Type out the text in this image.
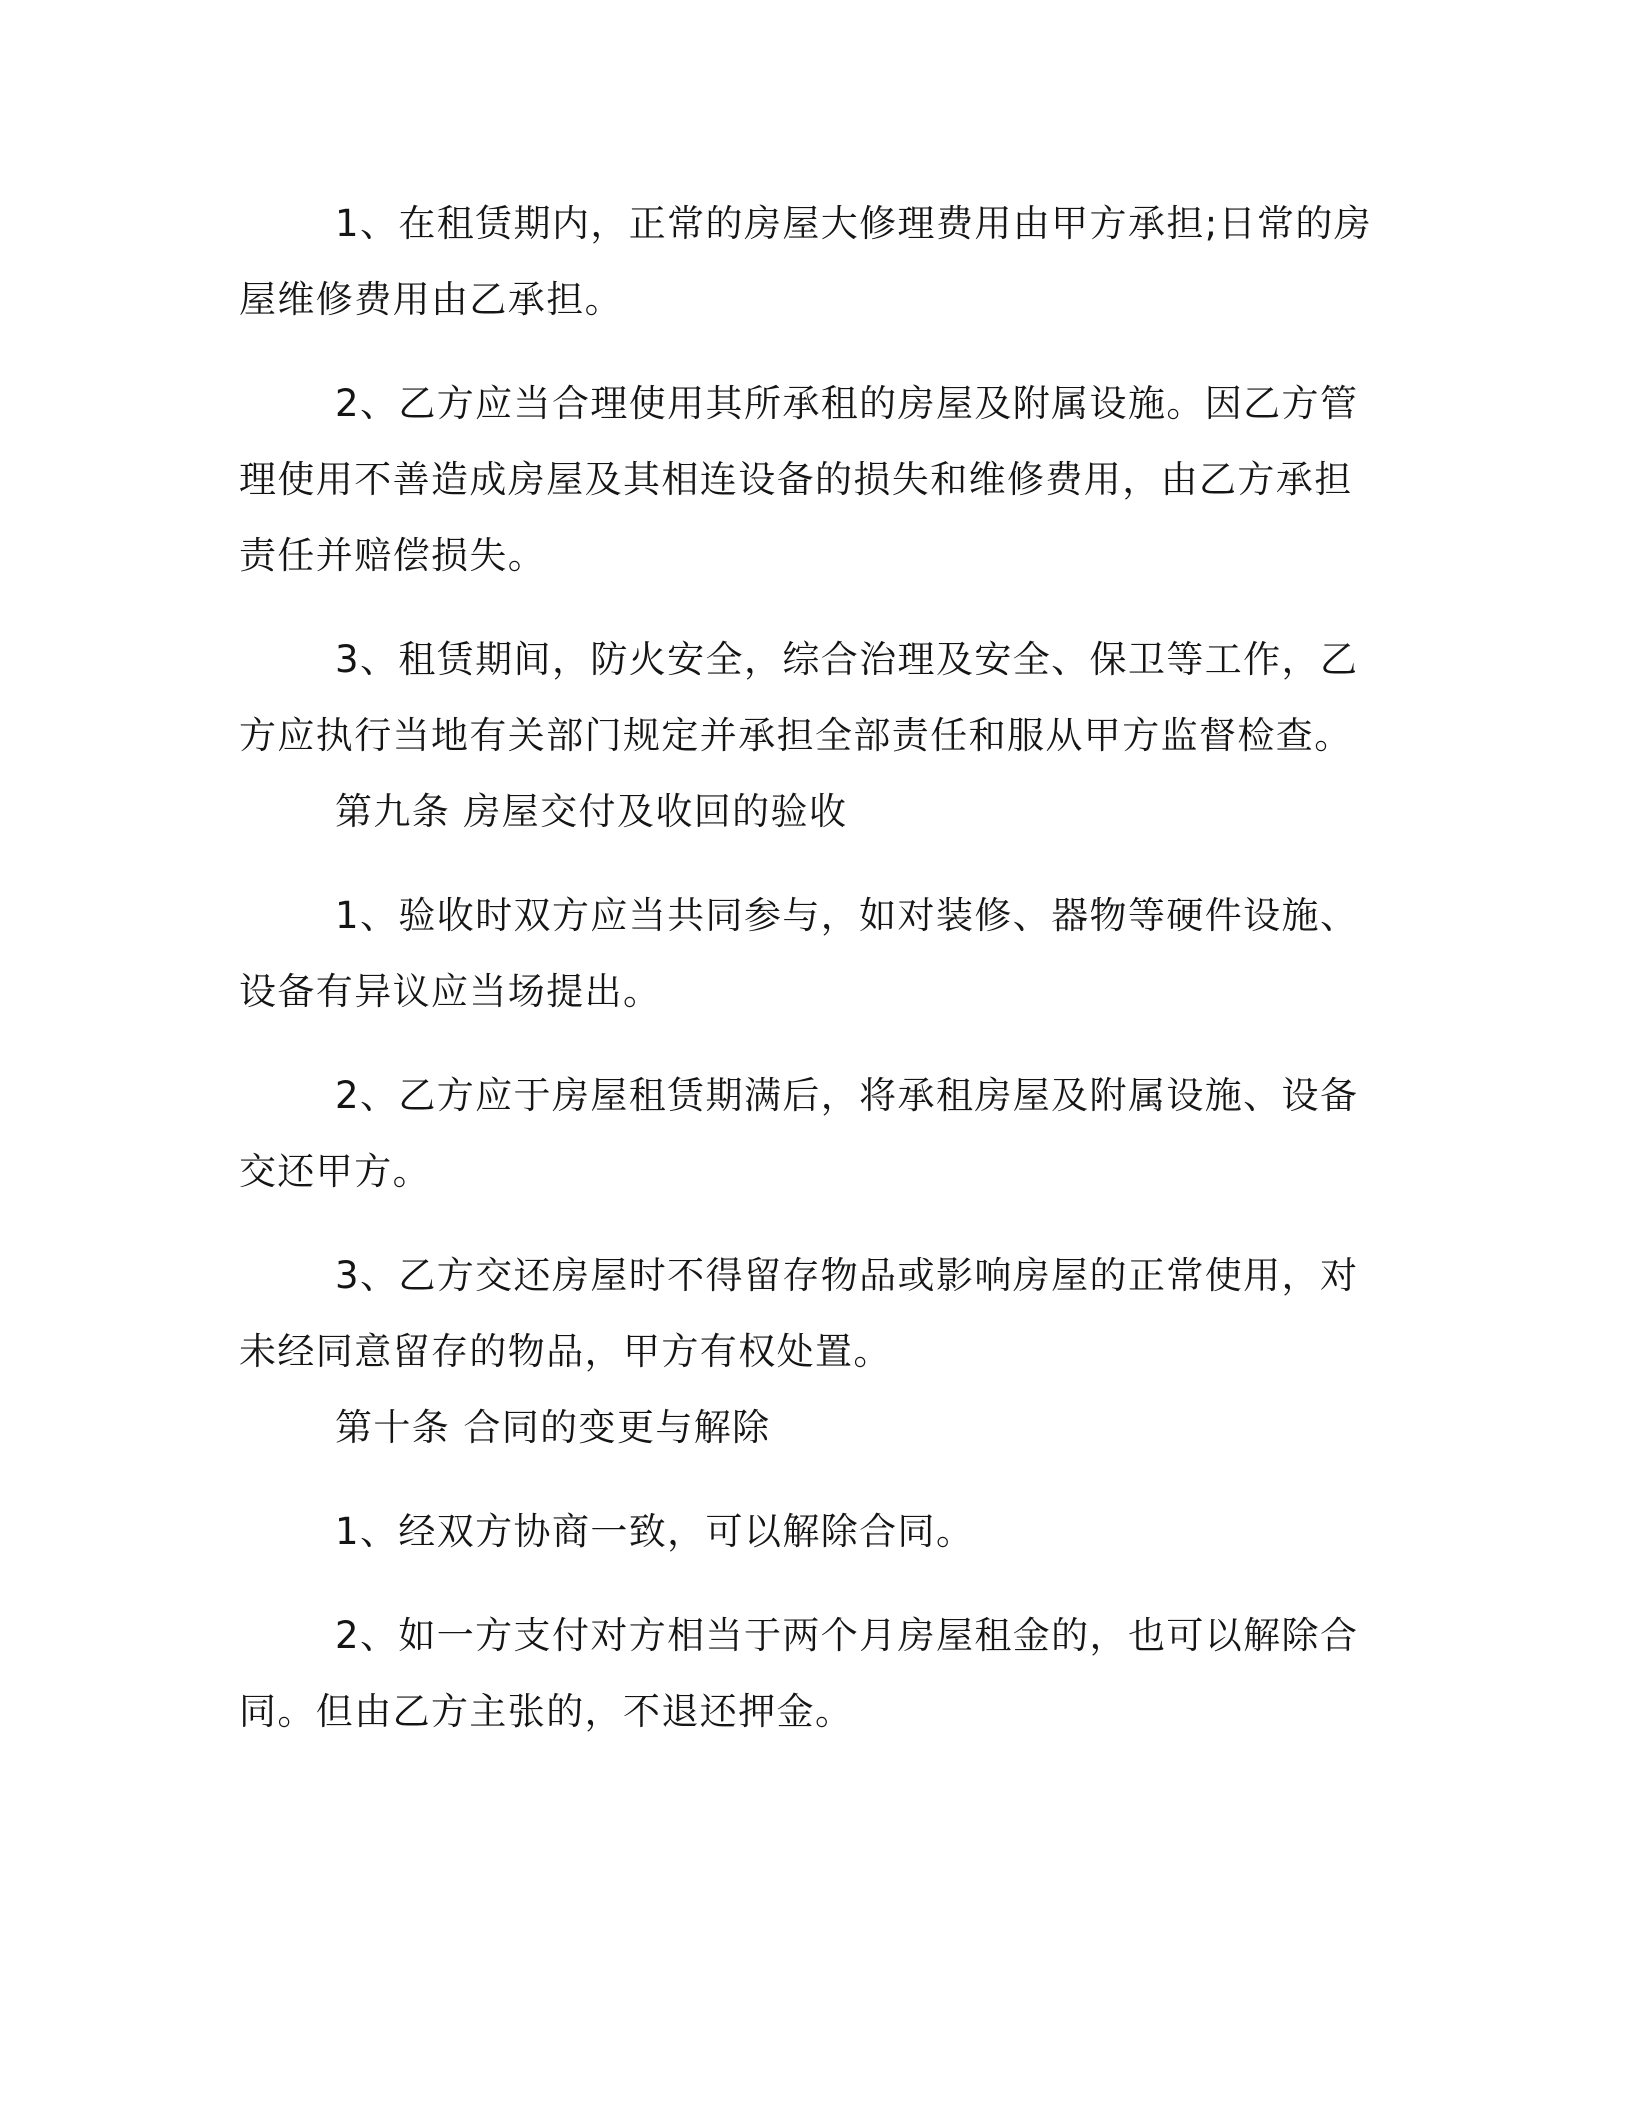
1、在租赁期内，正常的房屋大修理费用由甲方承担;日常的房屋维修费用由乙承担。

2、乙方应当合理使用其所承租的房屋及附属设施。因乙方管理使用不善造成房屋及其相连设备的损失和维修费用，由乙方承担责任并赔偿损失。

3、租赁期间，防火安全，综合治理及安全、保卫等工作，乙方应执行当地有关部门规定并承担全部责任和服从甲方监督检查。

第九条 房屋交付及收回的验收

1、验收时双方应当共同参与，如对装修、器物等硬件设施、设备有异议应当场提出。

2、乙方应于房屋租赁期满后，将承租房屋及附属设施、设备交还甲方。

3、乙方交还房屋时不得留存物品或影响房屋的正常使用，对未经同意留存的物品，甲方有权处置。

第十条 合同的变更与解除

1、经双方协商一致，可以解除合同。

2、如一方支付对方相当于两个月房屋租金的，也可以解除合同。但由乙方主张的，不退还押金。
